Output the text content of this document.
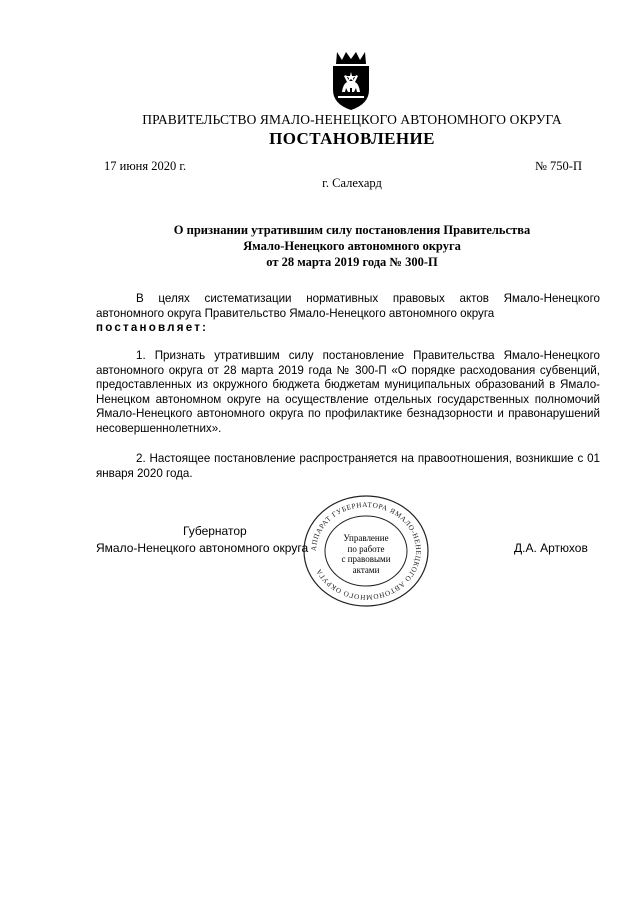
ПРАВИТЕЛЬСТВО ЯМАЛО-НЕНЕЦКОГО АВТОНОМНОГО ОКРУГА
ПОСТАНОВЛЕНИЕ
17 июня 2020 г.	№ 750-П
г. Салехард
О признании утратившим силу постановления Правительства
Ямало-Ненецкого автономного округа
от 28 марта 2019 года № 300-П
В целях систематизации нормативных правовых актов Ямало-Ненецкого автономного округа Правительство Ямало-Ненецкого автономного округа
постановляет:
1. Признать утратившим силу постановление Правительства Ямало-Ненецкого автономного округа от 28 марта 2019 года № 300-П «О порядке расходования субвенций, предоставленных из окружного бюджета бюджетам муниципальных образований в Ямало-Ненецком автономном округе на осуществление отдельных государственных полномочий Ямало-Ненецкого автономного округа по профилактике безнадзорности и правонарушений несовершеннолетних».
2. Настоящее постановление распространяется на правоотношения, возникшие с 01 января 2020 года.
Губернатор
Ямало-Ненецкого автономного округа	Д.А. Артюхов
АППАРАТ ГУБЕРНАТОРА ЯМАЛО-НЕНЕЦКОГО АВТОНОМНОГО ОКРУГА
Управление
по работе
с правовыми
актами
